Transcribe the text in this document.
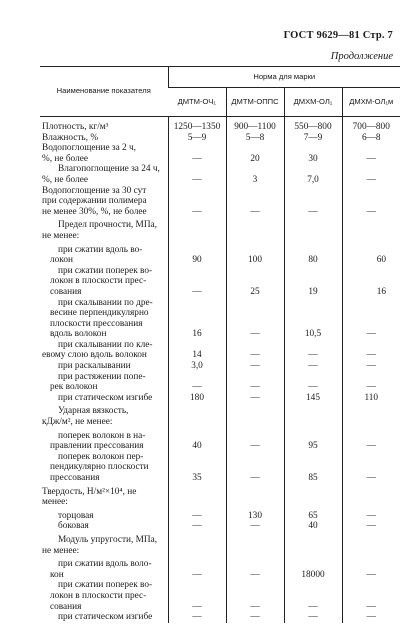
ГОСТ 9629—81 Стр. 7
Продолжение
Наименование показателя	Норма для марки			
	ДМТМ-ОЧ₁	ДМТМ-ОППС	ДМХМ-ОЛ₁	ДМХМ-ОЛ₁м

Плотность, кг/м³	1250—1350	900—1100	550—800	700—800
Влажность, %	5—9	5—8	7—9	6—8
Водопоглощение за 2 ч,				
%, не более	—	20	30	—
Влагопоглощение за 24 ч,				
%, не более	—	3	7,0	—
Водопоглощение за 30 сут				
при содержании полимера				
не менее 30%, %, не более	—	—	—	—
Предел прочности, МПа,				
не менее:				
при сжатии вдоль во-				
локон	90	100	80	60
при сжатии поперек во-				
локон в плоскости прес-				
сования	—	25	19	16
при скалывании по дре-				
весине перпендикулярно				
плоскости прессования				
вдоль волокон	16	—	10,5	—
при скалывании по кле-				
евому слою вдоль волокон	14	—	—	—
при раскалывании	3,0	—	—	—
при растяжении попе-				
рек волокон	—	—	—	—
при статическом изгибе	180	—	145	110
Ударная вязкость,				
кДж/м², не менее:				
поперек волокон в на-				
правлении прессования	40	—	95	—
поперек волокон пер-				
пендикулярно плоскости				
прессования	35	—	85	—
Твердость, Н/м²×10⁴, не				
менее:				
торцовая	—	130	65	—
боковая	—	—	40	—
Модуль упругости, МПа,				
не менее:				
при сжатии вдоль воло-				
кон	—	—	18000	—
при сжатии поперек во-				
локон в плоскости прес-				
сования	—	—	—	—
при статическом изгибе	—	—	—	—
